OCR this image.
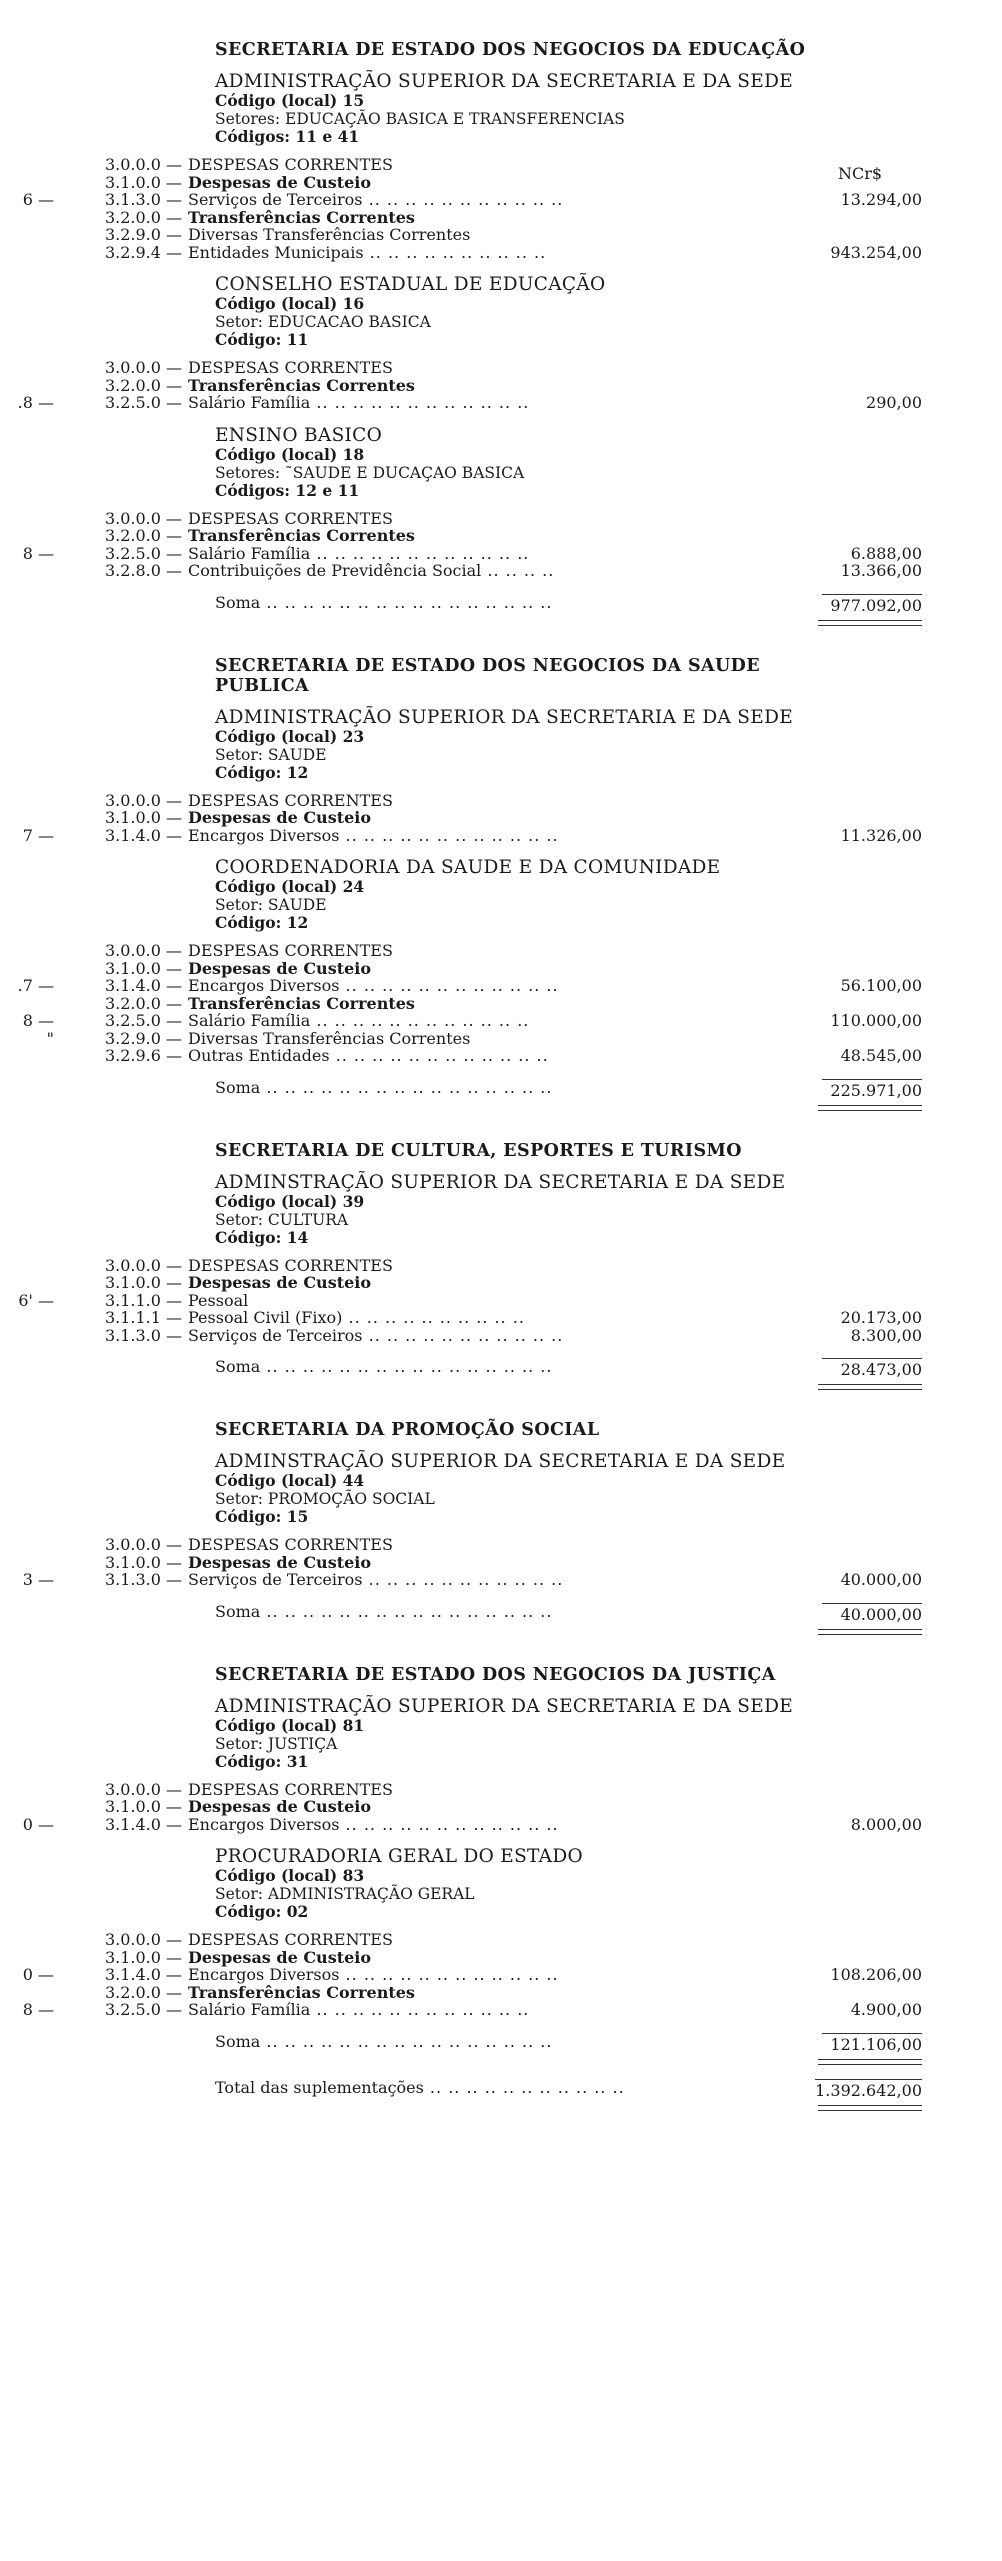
SECRETARIA DE ESTADO DOS NEGOCIOS DA EDUCAÇÃO
ADMINISTRAÇÃO SUPERIOR DA SECRETARIA E DA SEDE
Código (local) 15
Setores: EDUCAÇÃO BASICA E TRANSFERENCIAS
Códigos: 11 e 41
NCr$
3.0.0.0 — DESPESAS CORRENTES
3.1.0.0 — Despesas de Custeio
6 —	3.1.3.0 — Serviços de Terceiros .. .. .. .. .. .. .. .. .. .. ..	13.294,00
3.2.0.0 — Transferências Correntes
3.2.9.0 — Diversas Transferências Correntes
3.2.9.4 — Entidades Municipais .. .. .. .. .. .. .. .. .. ..	943.254,00
CONSELHO ESTADUAL DE EDUCAÇÃO
Código (local) 16
Setor: EDUCACAO BASICA
Código: 11
3.0.0.0 — DESPESAS CORRENTES
3.2.0.0 — Transferências Correntes
.8 —	3.2.5.0 — Salário Família .. .. .. .. .. .. .. .. .. .. .. ..	290,00
ENSINO BASICO
Código (local) 18
Setores: ˜SAUDE E DUCAÇAO BASICA
Códigos: 12 e 11
3.0.0.0 — DESPESAS CORRENTES
3.2.0.0 — Transferências Correntes
8 —	3.2.5.0 — Salário Família .. .. .. .. .. .. .. .. .. .. .. ..	6.888,00
3.2.8.0 — Contribuições de Previdência Social .. .. .. ..	13.366,00
Soma .. .. .. .. .. .. .. .. .. .. .. .. .. .. .. ..	977.092,00
SECRETARIA DE ESTADO DOS NEGOCIOS DA SAUDE PUBLICA
ADMINISTRAÇÃO SUPERIOR DA SECRETARIA E DA SEDE
Código (local) 23
Setor: SAUDE
Código: 12
3.0.0.0 — DESPESAS CORRENTES
3.1.0.0 — Despesas de Custeio
7 —	3.1.4.0 — Encargos Diversos .. .. .. .. .. .. .. .. .. .. .. ..	11.326,00
COORDENADORIA DA SAUDE E DA COMUNIDADE
Código (local) 24
Setor: SAUDE
Código: 12
3.0.0.0 — DESPESAS CORRENTES
3.1.0.0 — Despesas de Custeio
.7 —	3.1.4.0 — Encargos Diversos .. .. .. .. .. .. .. .. .. .. .. ..	56.100,00
3.2.0.0 — Transferências Correntes
8 —	3.2.5.0 — Salário Família .. .. .. .. .. .. .. .. .. .. .. ..	110.000,00
"	3.2.9.0 — Diversas Transferências Correntes
3.2.9.6 — Outras Entidades .. .. .. .. .. .. .. .. .. .. .. ..	48.545,00
Soma .. .. .. .. .. .. .. .. .. .. .. .. .. .. .. ..	225.971,00
SECRETARIA DE CULTURA, ESPORTES E TURISMO
ADMINSTRAÇÃO SUPERIOR DA SECRETARIA E DA SEDE
Código (local) 39
Setor: CULTURA
Código: 14
3.0.0.0 — DESPESAS CORRENTES
3.1.0.0 — Despesas de Custeio
6' —	3.1.1.0 — Pessoal
3.1.1.1 — Pessoal Civil (Fixo) .. .. .. .. .. .. .. .. .. ..	20.173,00
3.1.3.0 — Serviços de Terceiros .. .. .. .. .. .. .. .. .. .. ..	8.300,00
Soma .. .. .. .. .. .. .. .. .. .. .. .. .. .. .. ..	28.473,00
SECRETARIA DA PROMOÇÃO SOCIAL
ADMINSTRAÇÃO SUPERIOR DA SECRETARIA E DA SEDE
Código (local) 44
Setor: PROMOÇÃO SOCIAL
Código: 15
3.0.0.0 — DESPESAS CORRENTES
3.1.0.0 — Despesas de Custeio
3 —	3.1.3.0 — Serviços de Terceiros .. .. .. .. .. .. .. .. .. .. ..	40.000,00
Soma .. .. .. .. .. .. .. .. .. .. .. .. .. .. .. ..	40.000,00
SECRETARIA DE ESTADO DOS NEGOCIOS DA JUSTIÇA
ADMINISTRAÇÃO SUPERIOR DA SECRETARIA E DA SEDE
Código (local) 81
Setor: JUSTIÇA
Código: 31
3.0.0.0 — DESPESAS CORRENTES
3.1.0.0 — Despesas de Custeio
0 —	3.1.4.0 — Encargos Diversos .. .. .. .. .. .. .. .. .. .. .. ..	8.000,00
PROCURADORIA GERAL DO ESTADO
Código (local) 83
Setor: ADMINISTRAÇÃO GERAL
Código: 02
3.0.0.0 — DESPESAS CORRENTES
3.1.0.0 — Despesas de Custeio
0 —	3.1.4.0 — Encargos Diversos .. .. .. .. .. .. .. .. .. .. .. ..	108.206,00
3.2.0.0 — Transferências Correntes
8 —	3.2.5.0 — Salário Família .. .. .. .. .. .. .. .. .. .. .. ..	4.900,00
Soma .. .. .. .. .. .. .. .. .. .. .. .. .. .. .. ..	121.106,00
Total das suplementações .. .. .. .. .. .. .. .. .. .. ..	1.392.642,00
